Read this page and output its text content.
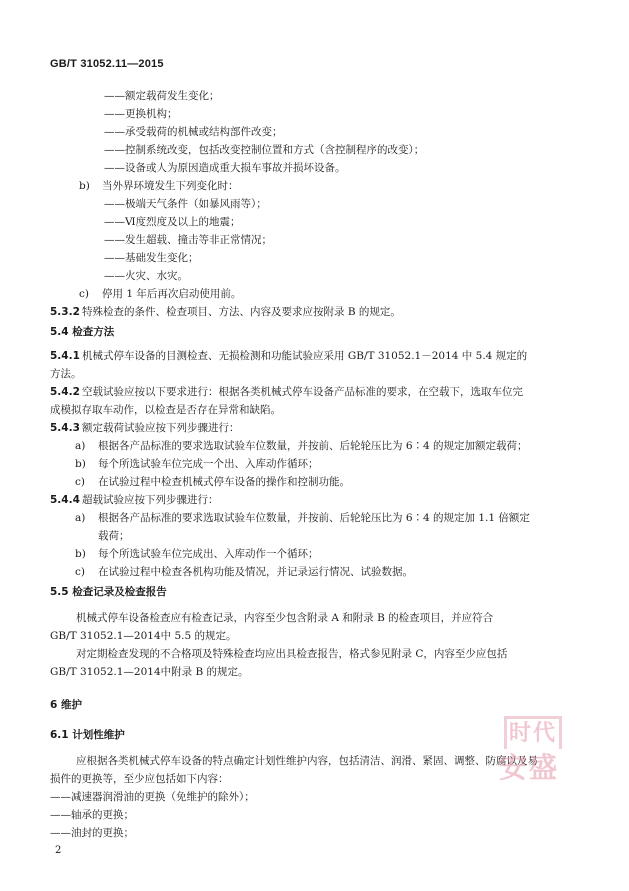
GB/T 31052.11—2015
——额定载荷发生变化；
——更换机构；
——承受载荷的机械或结构部件改变；
——控制系统改变，包括改变控制位置和方式（含控制程序的改变）；
——设备或人为原因造成重大损车事故并损坏设备。
b) 当外界环境发生下列变化时：
——极端天气条件（如暴风雨等）；
——Ⅵ度烈度及以上的地震；
——发生超载、撞击等非正常情况；
——基础发生变化；
——火灾、水灾。
c) 停用 1 年后再次启动使用前。
5.3.2 特殊检查的条件、检查项目、方法、内容及要求应按附录 B 的规定。
5.4 检查方法
5.4.1 机械式停车设备的目测检查、无损检测和功能试验应采用 GB/T 31052.1－2014 中 5.4 规定的
方法。
5.4.2 空载试验应按以下要求进行：根据各类机械式停车设备产品标准的要求，在空载下，选取车位完
成模拟存取车动作，以检查是否存在异常和缺陷。
5.4.3 额定载荷试验应按下列步骤进行：
a) 根据各产品标准的要求选取试验车位数量，并按前、后轮轮压比为 6∶4 的规定加额定载荷；
b) 每个所选试验车位完成一个出、入库动作循环；
c) 在试验过程中检查机械式停车设备的操作和控制功能。
5.4.4 超载试验应按下列步骤进行：
a) 根据各产品标准的要求选取试验车位数量，并按前、后轮轮压比为 6∶4 的规定加 1.1 倍额定
载荷；
b) 每个所选试验车位完成出、入库动作一个循环；
c) 在试验过程中检查各机构功能及情况，并记录运行情况、试验数据。
5.5 检查记录及检查报告
机械式停车设备检查应有检查记录，内容至少包含附录 A 和附录 B 的检查项目，并应符合
GB/T 31052.1—2014中 5.5 的规定。
对定期检查发现的不合格项及特殊检查均应出具检查报告，格式参见附录 C，内容至少应包括
GB/T 31052.1—2014中附录 B 的规定。
6 维护
6.1 计划性维护
应根据各类机械式停车设备的特点确定计划性维护内容，包括清洁、润滑、紧固、调整、防腐以及易
损件的更换等，至少应包括如下内容：
——减速器润滑油的更换（免维护的除外）；
——轴承的更换；
——油封的更换；
2
时代
安盛
